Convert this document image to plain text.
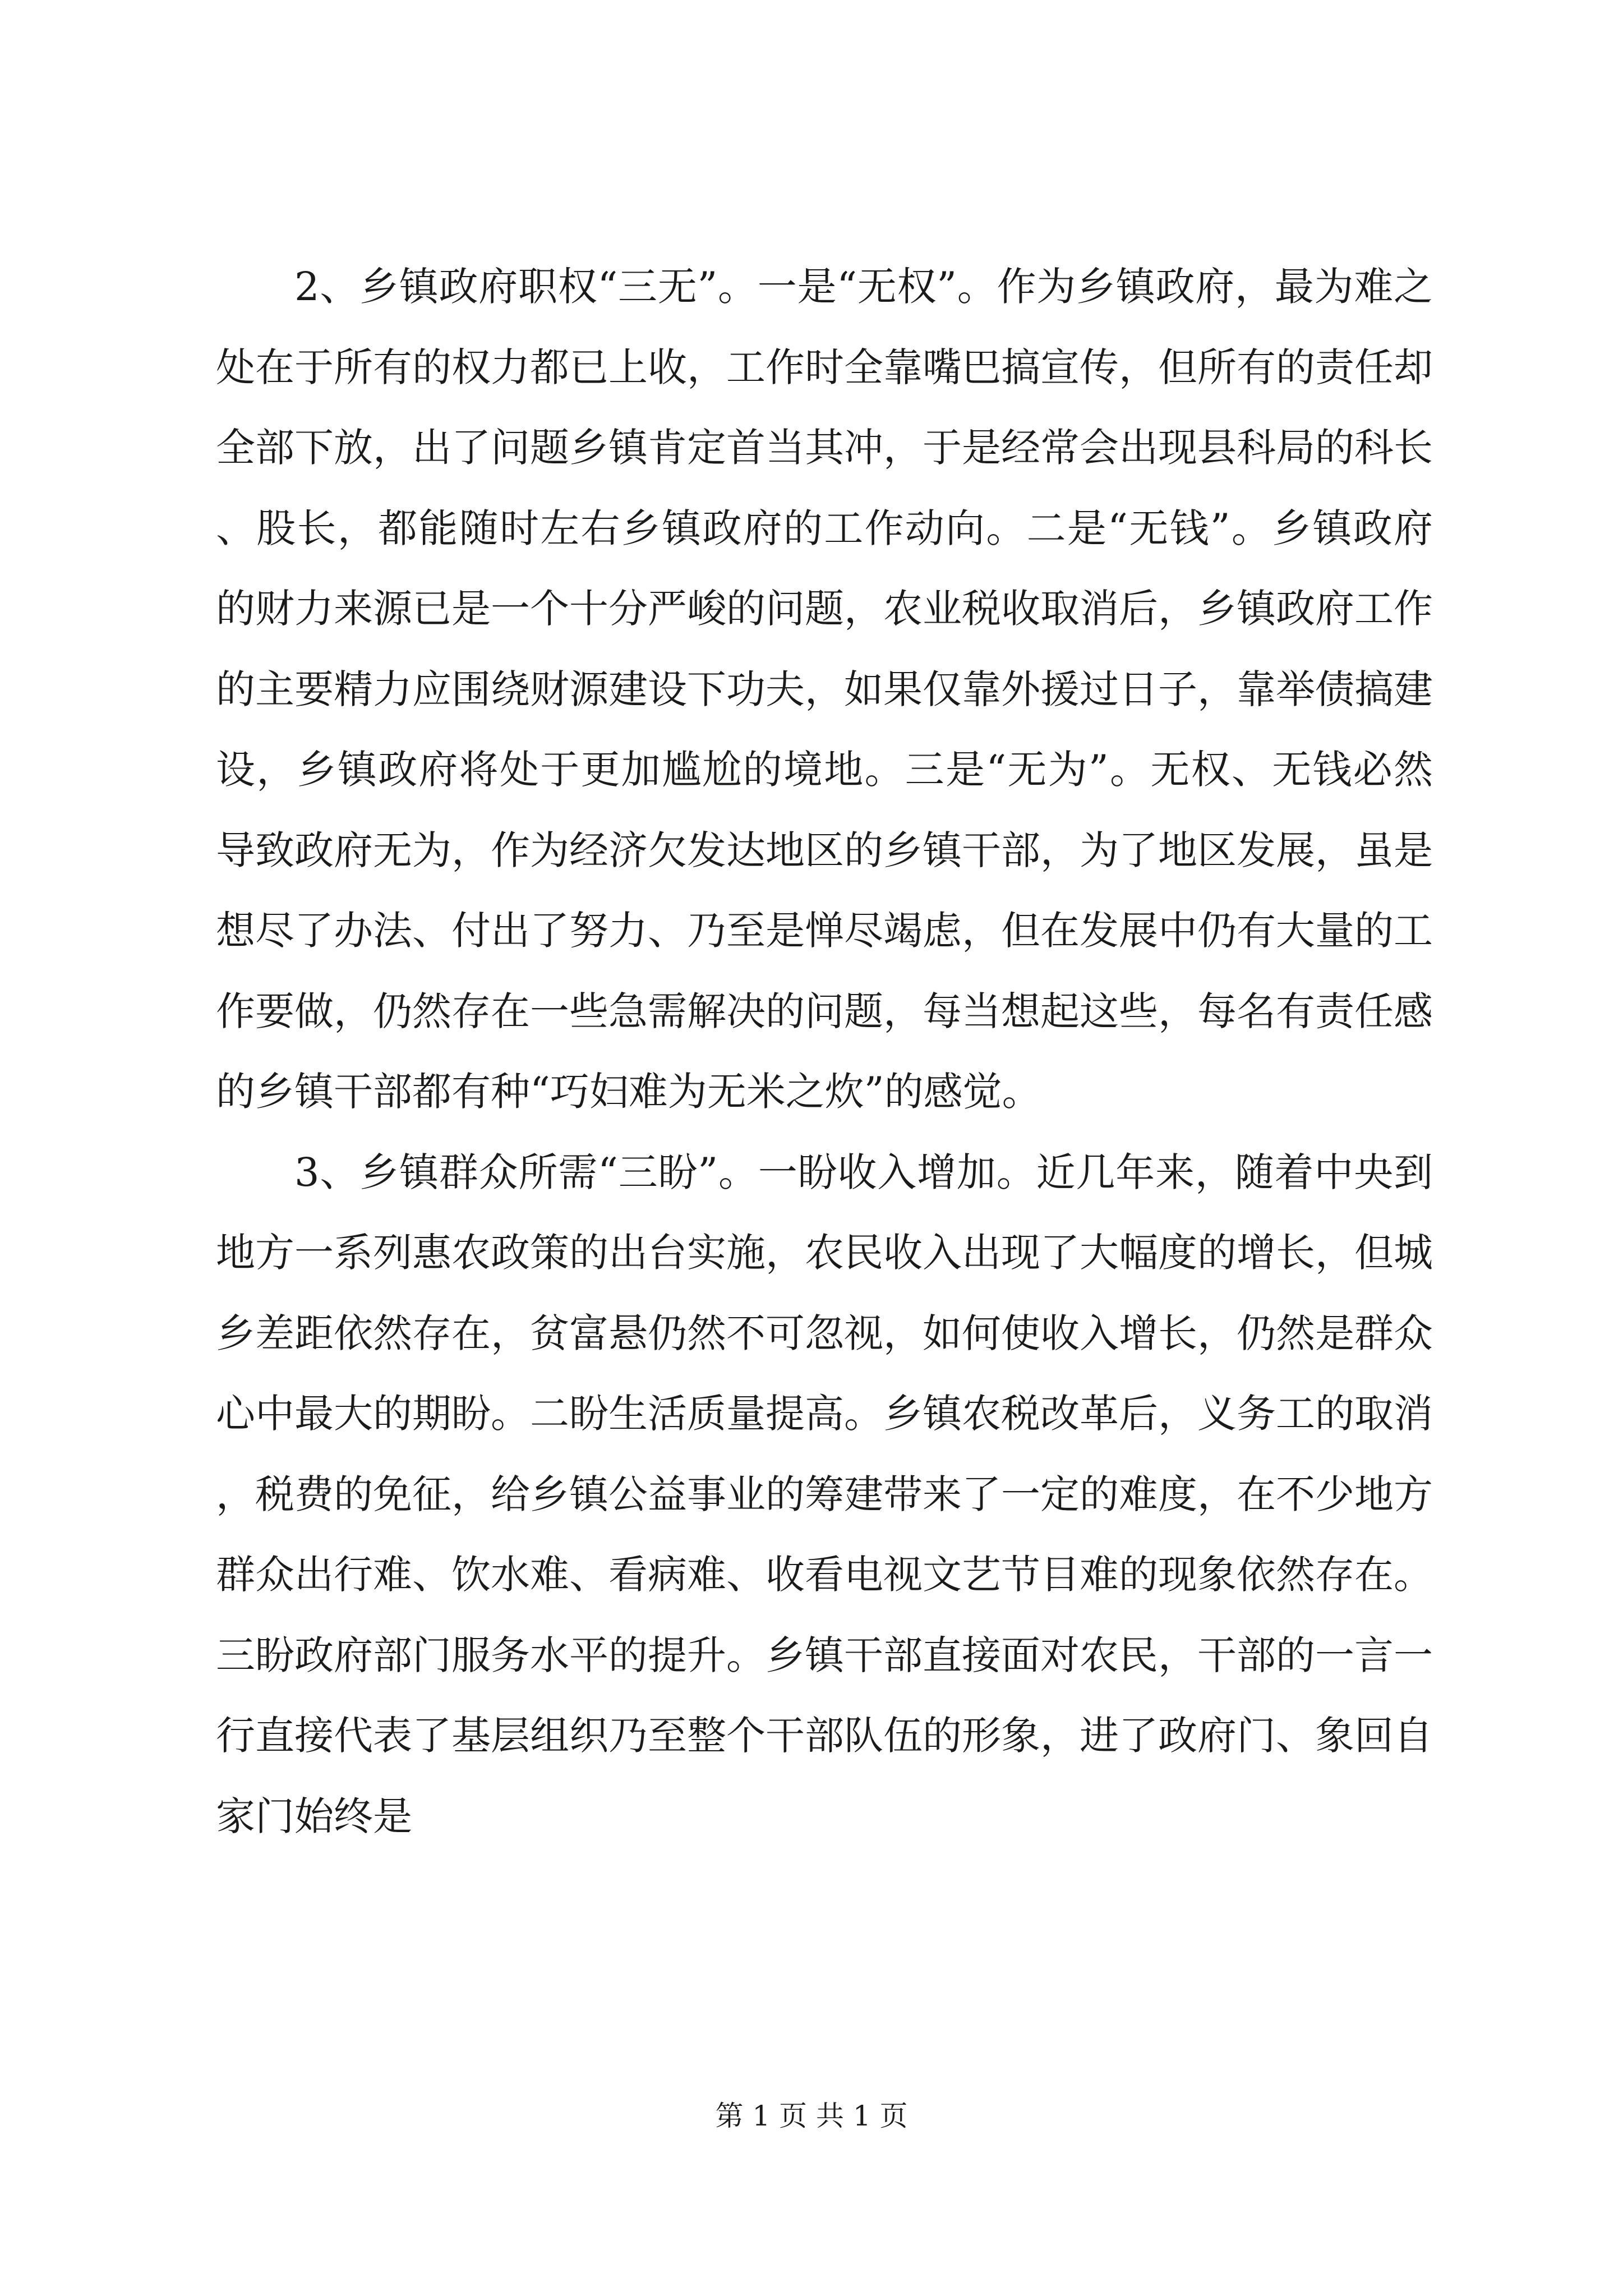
2、乡镇政府职权“三无”。一是“无权”。作为乡镇政府，最为难之处在于所有的权力都已上收，工作时全靠嘴巴搞宣传，但所有的责任却全部下放，出了问题乡镇肯定首当其冲，于是经常会出现县科局的科长、股长，都能随时左右乡镇政府的工作动向。二是“无钱”。乡镇政府的财力来源已是一个十分严峻的问题，农业税收取消后，乡镇政府工作的主要精力应围绕财源建设下功夫，如果仅靠外援过日子，靠举债搞建设，乡镇政府将处于更加尴尬的境地。三是“无为”。无权、无钱必然导致政府无为，作为经济欠发达地区的乡镇干部，为了地区发展，虽是想尽了办法、付出了努力、乃至是惮尽竭虑，但在发展中仍有大量的工作要做，仍然存在一些急需解决的问题，每当想起这些，每名有责任感的乡镇干部都有种“巧妇难为无米之炊”的感觉。

3、乡镇群众所需“三盼”。一盼收入增加。近几年来，随着中央到地方一系列惠农政策的出台实施，农民收入出现了大幅度的增长，但城乡差距依然存在，贫富悬仍然不可忽视，如何使收入增长，仍然是群众心中最大的期盼。二盼生活质量提高。乡镇农税改革后，义务工的取消，税费的免征，给乡镇公益事业的筹建带来了一定的难度，在不少地方群众出行难、饮水难、看病难、收看电视文艺节目难的现象依然存在。三盼政府部门服务水平的提升。乡镇干部直接面对农民，干部的一言一行直接代表了基层组织乃至整个干部队伍的形象，进了政府门、象回自家门始终是

第 1 页 共 1 页
